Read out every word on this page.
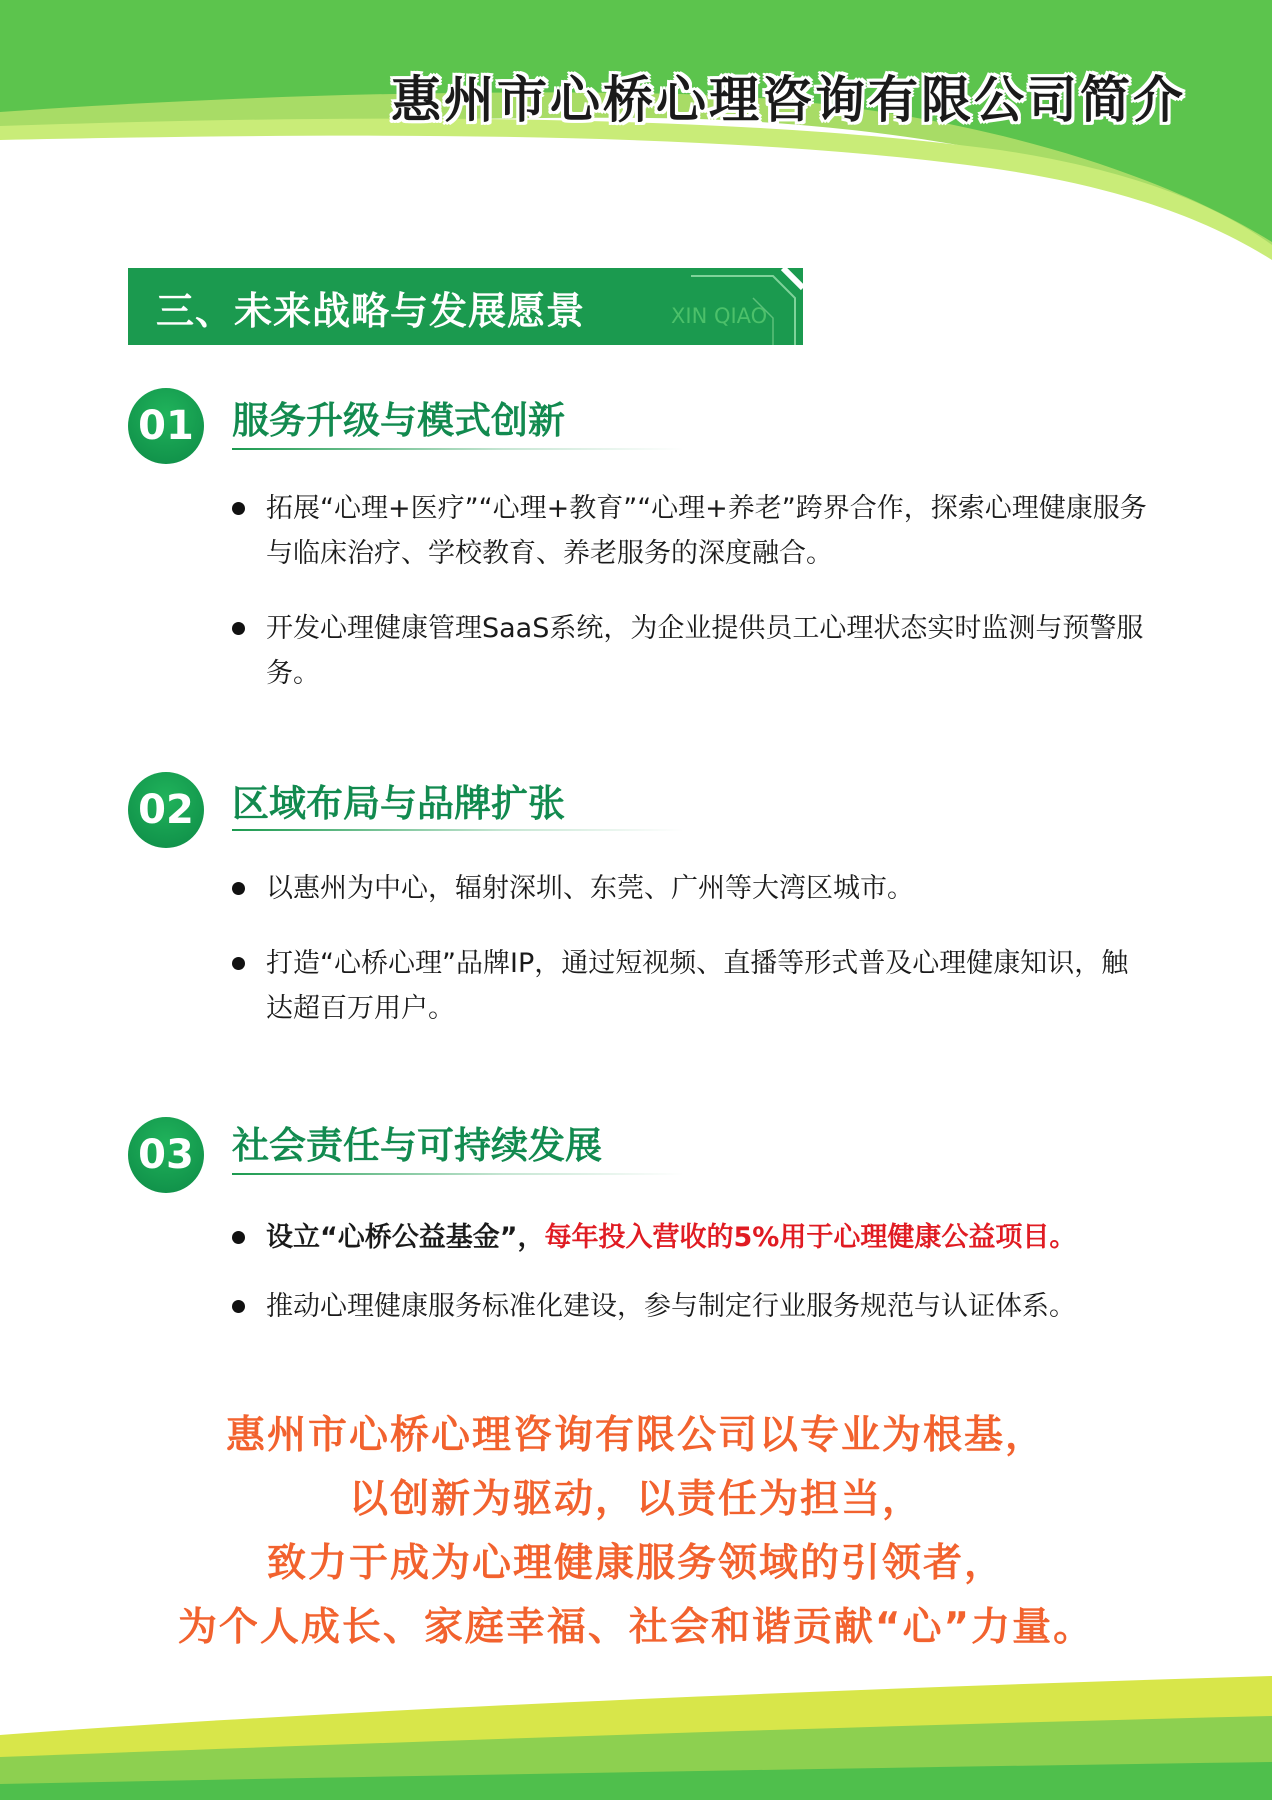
惠州市心桥心理咨询有限公司简介
三、未来战略与发展愿景	XIN QIAO
01 服务升级与模式创新
拓展“心理+医疗”“心理+教育”“心理+养老”跨界合作，探索心理健康服务与临床治疗、学校教育、养老服务的深度融合。
开发心理健康管理SaaS系统，为企业提供员工心理状态实时监测与预警服务。
02 区域布局与品牌扩张
以惠州为中心，辐射深圳、东莞、广州等大湾区城市。
打造“心桥心理”品牌IP，通过短视频、直播等形式普及心理健康知识，触达超百万用户。
03 社会责任与可持续发展
设立“心桥公益基金”，每年投入营收的5%用于心理健康公益项目。
推动心理健康服务标准化建设，参与制定行业服务规范与认证体系。
惠州市心桥心理咨询有限公司以专业为根基，
以创新为驱动，以责任为担当，
致力于成为心理健康服务领域的引领者，
为个人成长、家庭幸福、社会和谐贡献“心”力量。
